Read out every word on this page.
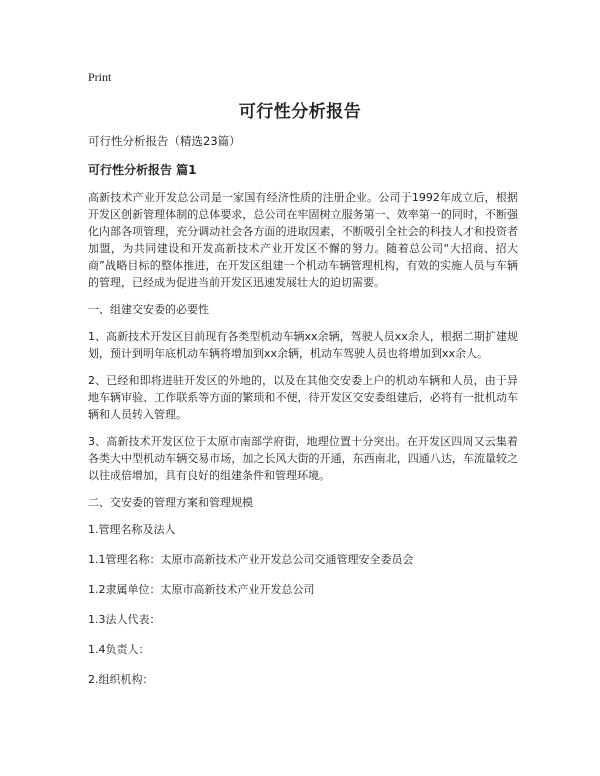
Print
可行性分析报告

可行性分析报告（精选23篇）

可行性分析报告 篇1

高新技术产业开发总公司是一家国有经济性质的注册企业。公司于1992年成立后，根据开发区创新管理体制的总体要求，总公司在牢固树立服务第一、效率第一的同时，不断强化内部各项管理，充分调动社会各方面的进取因素，不断吸引全社会的科技人才和投资者加盟，为共同建设和开发高新技术产业开发区不懈的努力。随着总公司“大招商、招大商”战略目标的整体推进，在开发区组建一个机动车辆管理机构，有效的实施人员与车辆的管理，已经成为促进当前开发区迅速发展壮大的迫切需要。

一、组建交安委的必要性

1、高新技术开发区目前现有各类型机动车辆xx余辆，驾驶人员xx余人，根据二期扩建规划，预计到明年底机动车辆将增加到xx余辆，机动车驾驶人员也将增加到xx余人。

2、已经和即将进驻开发区的外地的，以及在其他交安委上户的机动车辆和人员，由于异地车辆审验、工作联系等方面的繁琐和不便，待开发区交安委组建后，必将有一批机动车辆和人员转入管理。

3、高新技术开发区位于太原市南部学府街，地理位置十分突出。在开发区四周又云集着各类大中型机动车辆交易市场，加之长风大街的开通，东西南北，四通八达，车流量较之以往成倍增加，具有良好的组建条件和管理环境。

二、交安委的管理方案和管理规模

1.管理名称及法人

1.1管理名称：太原市高新技术产业开发总公司交通管理安全委员会

1.2隶属单位：太原市高新技术产业开发总公司

1.3法人代表：

1.4负责人：

2.组织机构：
